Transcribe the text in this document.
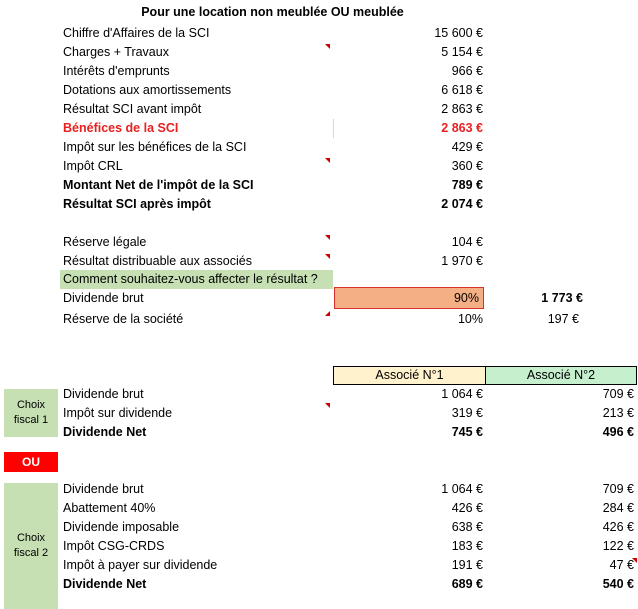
Pour une location non meublée OU meublée
Chiffre d'Affaires de la SCI	15 600 €
Charges + Travaux	5 154 €
Intérêts d'emprunts	966 €
Dotations aux amortissements	6 618 €
Résultat SCI avant impôt	2 863 €
Bénéfices de la SCI	2 863 €
Impôt sur les bénéfices de la SCI	429 €
Impôt CRL	360 €
Montant Net de l'impôt de la SCI	789 €
Résultat SCI après impôt	2 074 €
Réserve légale	104 €
Résultat distribuable aux associés	1 970 €
Comment souhaitez-vous affecter le résultat ?
Dividende brut	90%	1 773 €
Réserve de la société	10%	197 €
Associé N°1	Associé N°2
Choix
fiscal 1
Dividende brut	1 064 €	709 €
Impôt sur dividende	319 €	213 €
Dividende Net	745 €	496 €
OU
Choix
fiscal 2
Dividende brut	1 064 €	709 €
Abattement 40%	426 €	284 €
Dividende imposable	638 €	426 €
Impôt CSG-CRDS	183 €	122 €
Impôt à payer sur dividende	191 €	47 €
Dividende Net	689 €	540 €
